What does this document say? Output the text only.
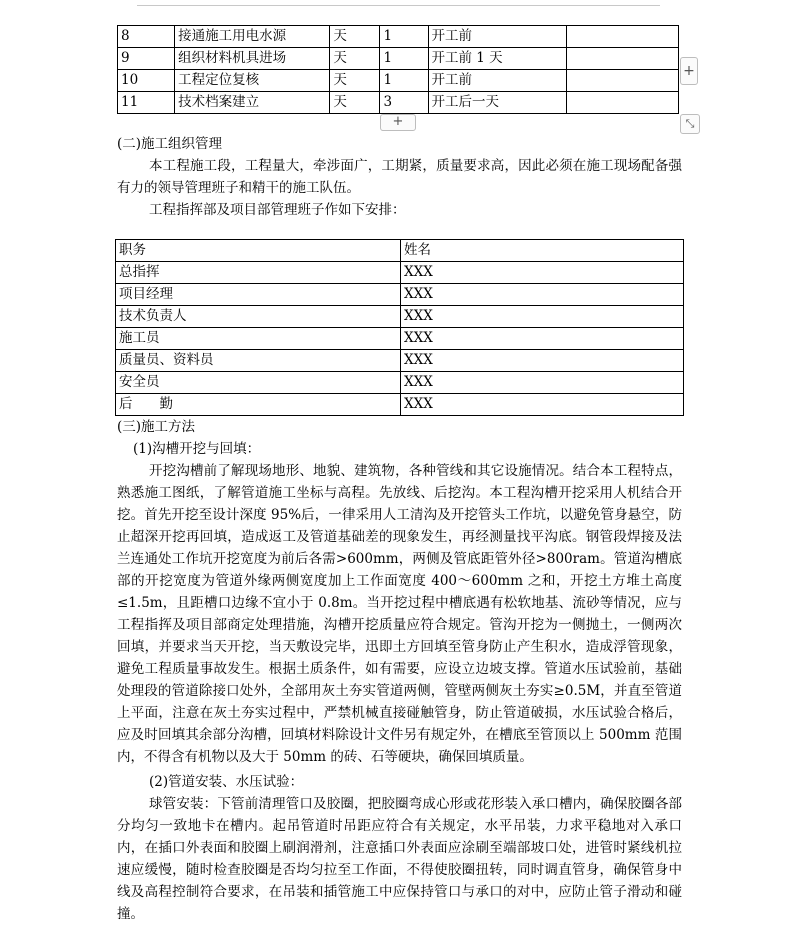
8	接通施工用电水源	天	1	开工前	
9	组织材料机具进场	天	1	开工前 1 天	
10	工程定位复核	天	1	开工前	
11	技术档案建立	天	3	开工后一天	
+
+	⤡

(二)施工组织管理

本工程施工段，工程量大，牵涉面广，工期紧，质量要求高，因此必须在施工现场配备强有力的领导管理班子和精干的施工队伍。

工程指挥部及项目部管理班子作如下安排：

职务	姓名
总指挥	XXX
项目经理	XXX
技术负责人	XXX
施工员	XXX
质量员、资料员	XXX
安全员	XXX
后　　勤	XXX

(三)施工方法

(1)沟槽开挖与回填：

开挖沟槽前了解现场地形、地貌、建筑物，各种管线和其它设施情况。结合本工程特点，熟悉施工图纸，了解管道施工坐标与高程。先放线、后挖沟。本工程沟槽开挖采用人机结合开挖。首先开挖至设计深度 95%后，一律采用人工清沟及开挖管头工作坑，以避免管身悬空，防止超深开挖再回填，造成返工及管道基础差的现象发生，再经测量找平沟底。钢管段焊接及法兰连通处工作坑开挖宽度为前后各需>600mm，两侧及管底距管外径>800ram。管道沟槽底部的开挖宽度为管道外缘两侧宽度加上工作面宽度 400～600mm 之和，开挖土方堆土高度≤1.5m，且距槽口边缘不宜小于 0.8m。当开挖过程中槽底遇有松软地基、流砂等情况，应与工程指挥及项目部商定处理措施，沟槽开挖质量应符合规定。管沟开挖为一侧抛土，一侧两次回填，并要求当天开挖，当天敷设完毕，迅即土方回填至管身防止产生积水，造成浮管现象，避免工程质量事故发生。根据土质条件，如有需要，应设立边坡支撑。管道水压试验前，基础处理段的管道除接口处外，全部用灰土夯实管道两侧，管壁两侧灰土夯实≥0.5M，并直至管道上平面，注意在灰土夯实过程中，严禁机械直接碰触管身，防止管道破损，水压试验合格后，应及时回填其余部分沟槽，回填材料除设计文件另有规定外，在槽底至管顶以上 500mm 范围内，不得含有机物以及大于 50mm 的砖、石等硬块，确保回填质量。

(2)管道安装、水压试验：

球管安装：下管前清理管口及胶圈，把胶圈弯成心形或花形装入承口槽内，确保胶圈各部分均匀一致地卡在槽内。起吊管道时吊距应符合有关规定，水平吊装，力求平稳地对入承口内，在插口外表面和胶圈上刷润滑剂，注意插口外表面应涂刷至端部坡口处，进管时紧线机拉速应缓慢，随时检查胶圈是否均匀拉至工作面，不得使胶圈扭转，同时调直管身，确保管身中线及高程控制符合要求，在吊装和插管施工中应保持管口与承口的对中，应防止管子滑动和碰撞。
